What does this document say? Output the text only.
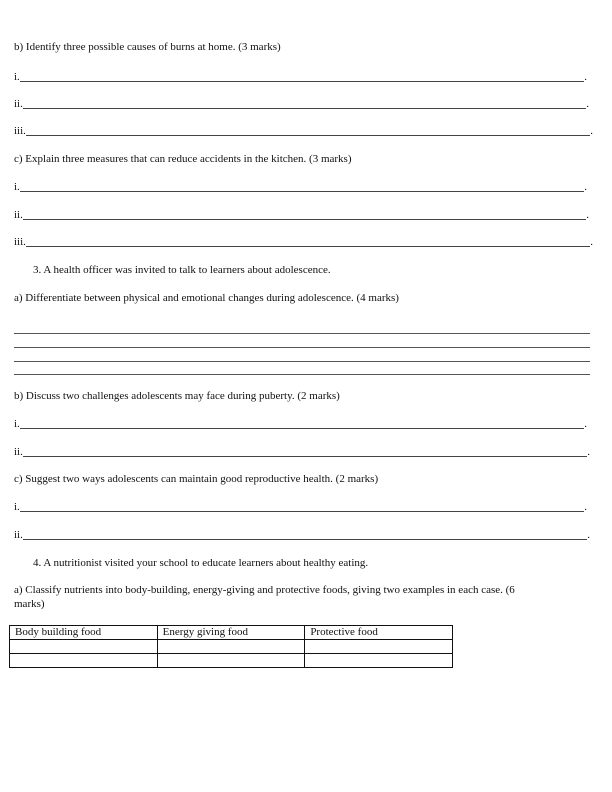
b) Identify three possible causes of burns at home. (3 marks)
i.	.
ii.	.
iii.	.
c) Explain three measures that can reduce accidents in the kitchen. (3 marks)
i.	.
ii.	.
iii.	.
3. A health officer was invited to talk to learners about adolescence.
a) Differentiate between physical and emotional changes during adolescence. (4 marks)
b) Discuss two challenges adolescents may face during puberty. (2 marks)
i.	.
ii.	.
c) Suggest two ways adolescents can maintain good reproductive health. (2 marks)
i.	.
ii.	.
4. A nutritionist visited your school to educate learners about healthy eating.
a) Classify nutrients into body-building, energy-giving and protective foods, giving two examples in each case. (6
marks)
Body building food	Energy giving food	Protective food
